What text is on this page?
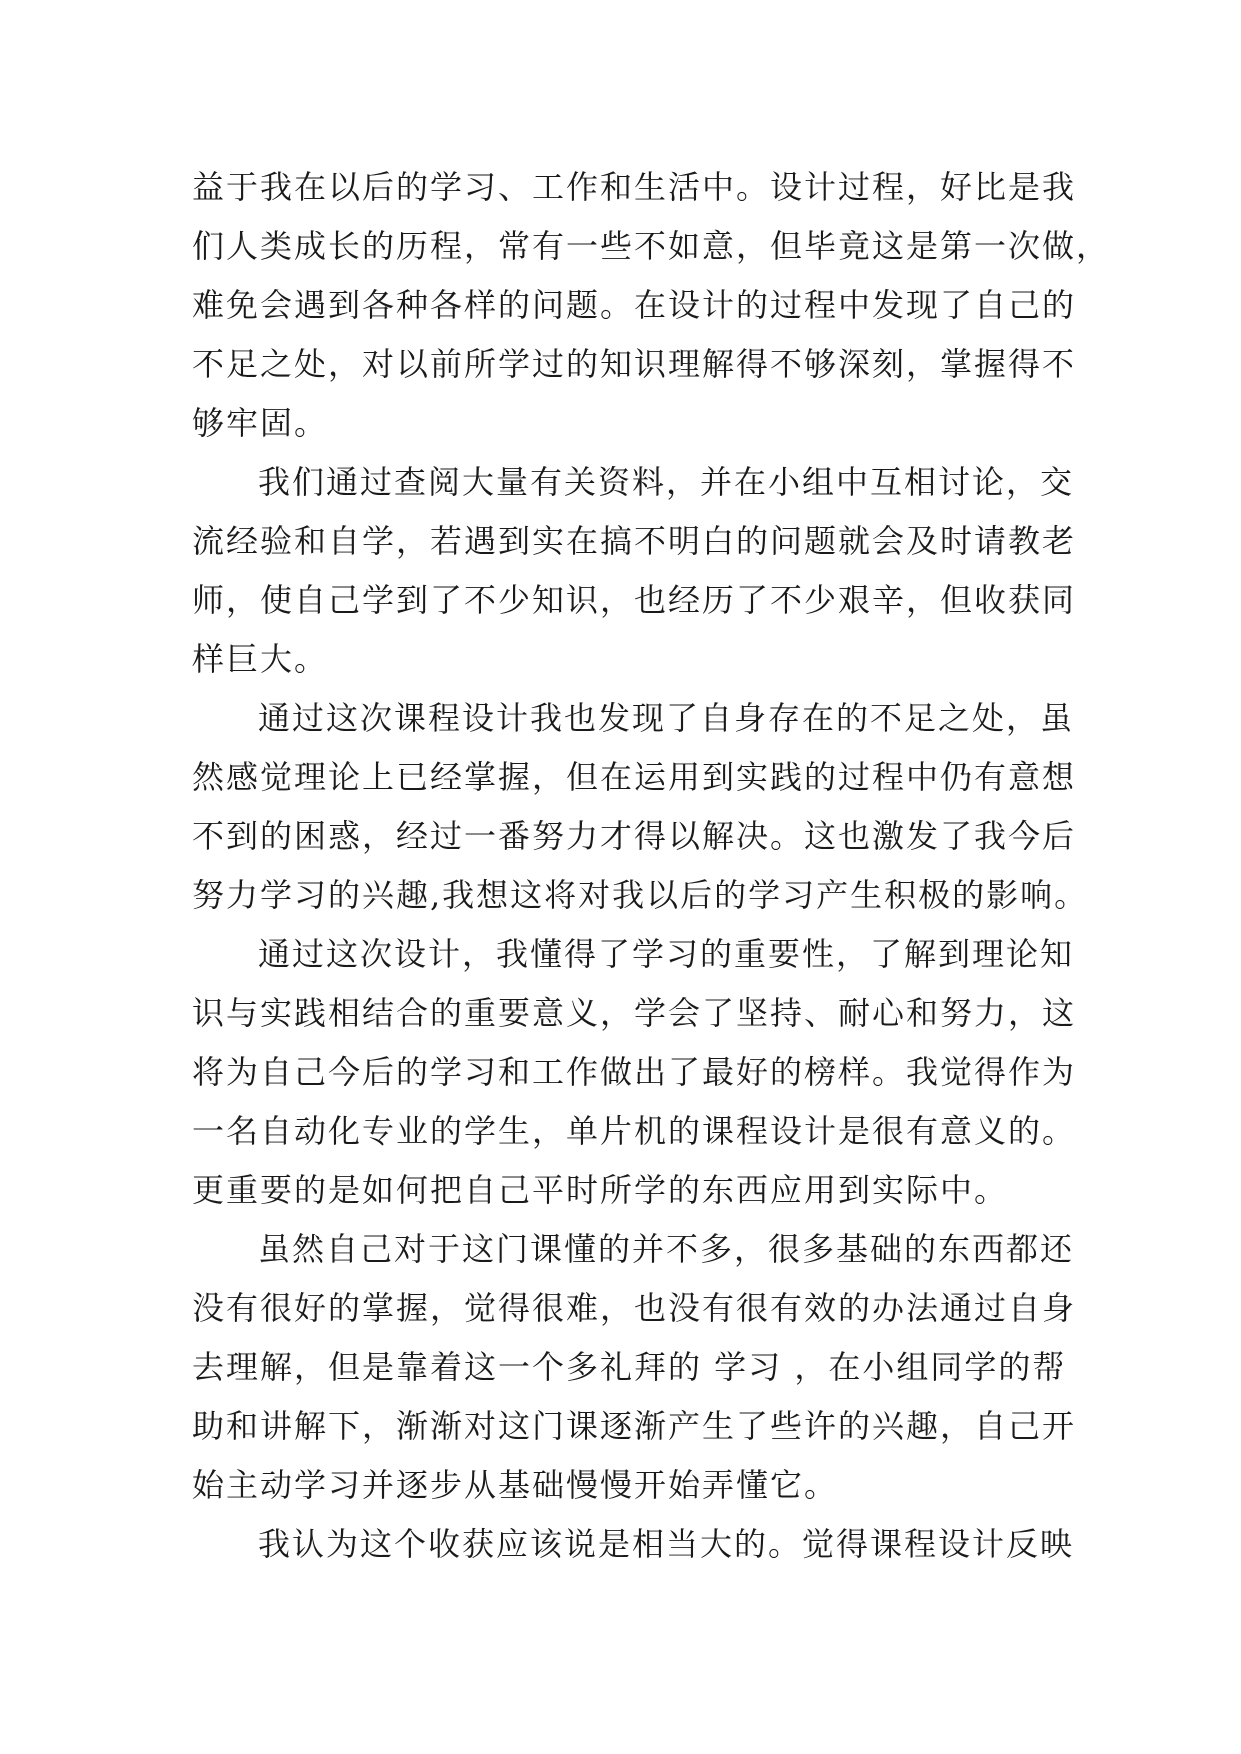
益于我在以后的学习、工作和生活中。设计过程，好比是我
们人类成长的历程，常有一些不如意，但毕竟这是第一次做，
难免会遇到各种各样的问题。在设计的过程中发现了自己的
不足之处，对以前所学过的知识理解得不够深刻，掌握得不
够牢固。
我们通过查阅大量有关资料，并在小组中互相讨论，交
流经验和自学，若遇到实在搞不明白的问题就会及时请教老
师，使自己学到了不少知识，也经历了不少艰辛，但收获同
样巨大。
通过这次课程设计我也发现了自身存在的不足之处，虽
然感觉理论上已经掌握，但在运用到实践的过程中仍有意想
不到的困惑，经过一番努力才得以解决。这也激发了我今后
努力学习的兴趣,我想这将对我以后的学习产生积极的影响。
通过这次设计，我懂得了学习的重要性，了解到理论知
识与实践相结合的重要意义，学会了坚持、耐心和努力，这
将为自己今后的学习和工作做出了最好的榜样。我觉得作为
一名自动化专业的学生，单片机的课程设计是很有意义的。
更重要的是如何把自己平时所学的东西应用到实际中。
虽然自己对于这门课懂的并不多，很多基础的东西都还
没有很好的掌握，觉得很难，也没有很有效的办法通过自身
去理解，但是靠着这一个多礼拜的 学习 ，在小组同学的帮
助和讲解下，渐渐对这门课逐渐产生了些许的兴趣，自己开
始主动学习并逐步从基础慢慢开始弄懂它。
我认为这个收获应该说是相当大的。觉得课程设计反映
